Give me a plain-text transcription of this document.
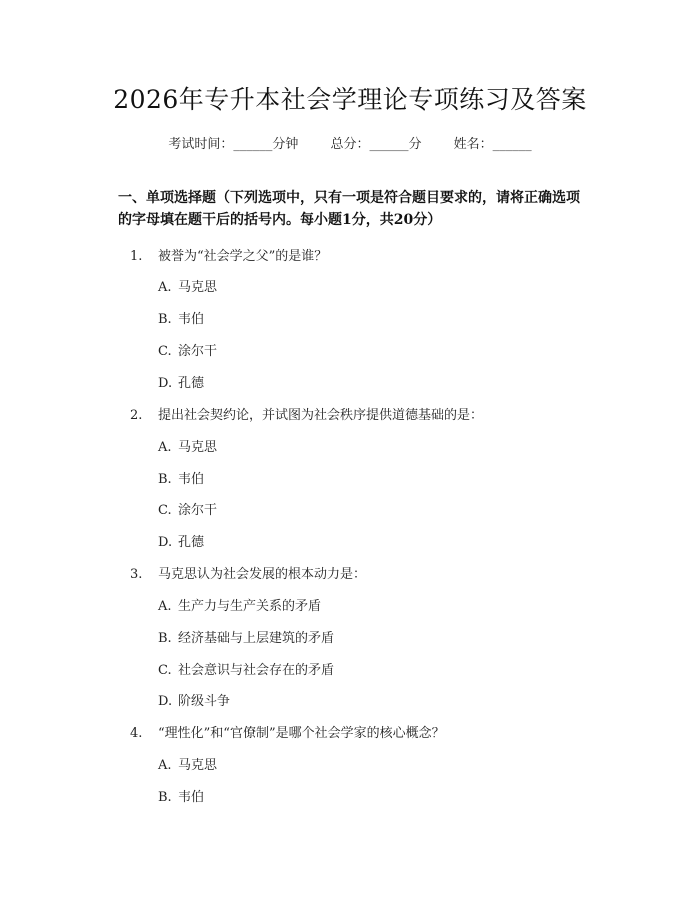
2026年专升本社会学理论专项练习及答案
考试时间：______分钟 总分：______分 姓名：______
一、单项选择题（下列选项中，只有一项是符合题目要求的，请将正确选项的字母填在题干后的括号内。每小题1分，共20分）
1. 被誉为“社会学之父”的是谁？
A. 马克思
B. 韦伯
C. 涂尔干
D. 孔德
2. 提出社会契约论，并试图为社会秩序提供道德基础的是：
A. 马克思
B. 韦伯
C. 涂尔干
D. 孔德
3. 马克思认为社会发展的根本动力是：
A. 生产力与生产关系的矛盾
B. 经济基础与上层建筑的矛盾
C. 社会意识与社会存在的矛盾
D. 阶级斗争
4. “理性化”和“官僚制”是哪个社会学家的核心概念？
A. 马克思
B. 韦伯
